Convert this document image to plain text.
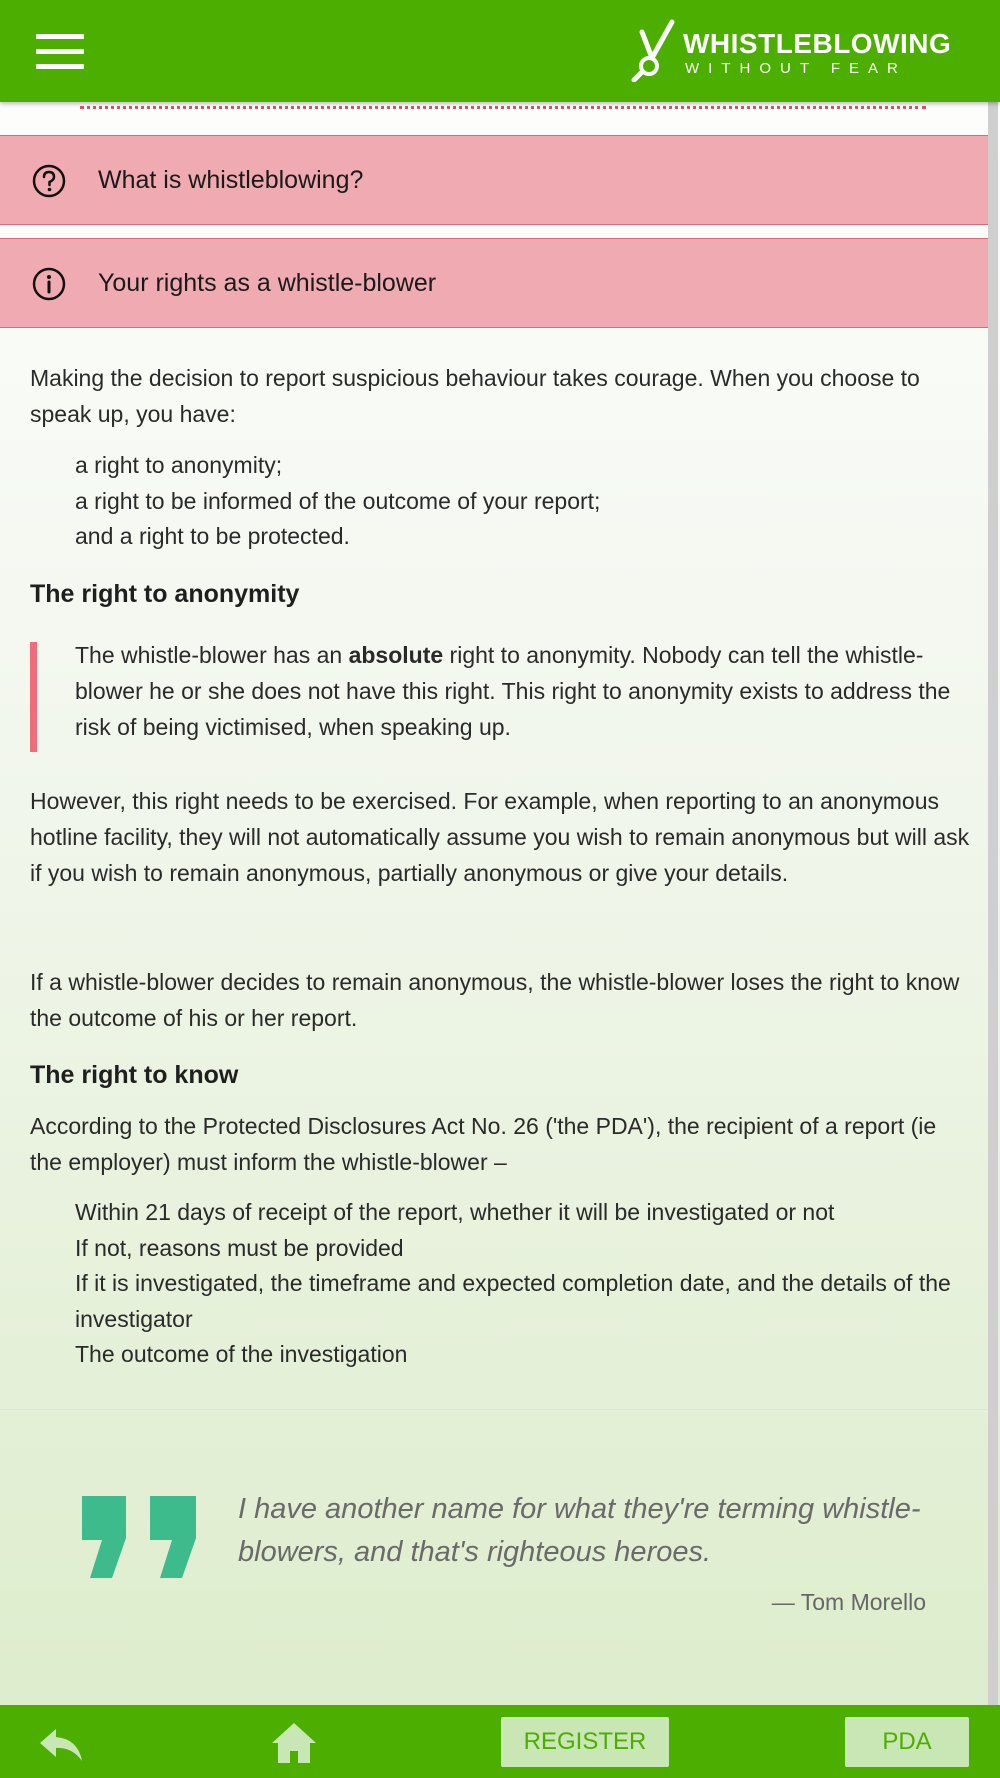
WHISTLEBLOWING
WITHOUT FEAR
What is whistleblowing?
Your rights as a whistle-blower

Making the decision to report suspicious behaviour takes courage. When you choose to speak up, you have:

a right to anonymity;
a right to be informed of the outcome of your report;
and a right to be protected.
The right to anonymity
The whistle-blower has an absolute right to anonymity. Nobody can tell the whistle-blower he or she does not have this right. This right to anonymity exists to address the risk of being victimised, when speaking up.

However, this right needs to be exercised. For example, when reporting to an anonymous hotline facility, they will not automatically assume you wish to remain anonymous but will ask if you wish to remain anonymous, partially anonymous or give your details.

If a whistle-blower decides to remain anonymous, the whistle-blower loses the right to know the outcome of his or her report.

The right to know

According to the Protected Disclosures Act No. 26 ('the PDA'), the recipient of a report (ie the employer) must inform the whistle-blower –

Within 21 days of receipt of the report, whether it will be investigated or not
If not, reasons must be provided
If it is investigated, the timeframe and expected completion date, and the details of the investigator
The outcome of the investigation
I have another name for what they're terming whistle-blowers, and that's righteous heroes.
— Tom Morello
REGISTER	PDA
